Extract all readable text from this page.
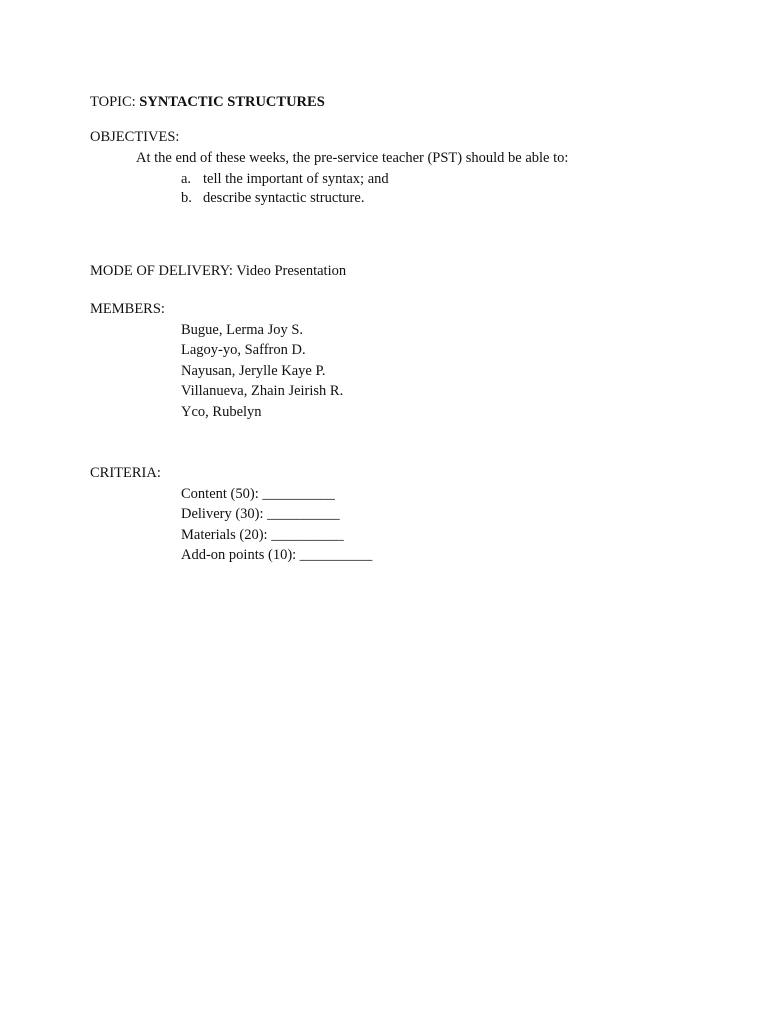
TOPIC: SYNTACTIC STRUCTURES
OBJECTIVES:
At the end of these weeks, the pre-service teacher (PST) should be able to:
a. tell the important of syntax; and
b. describe syntactic structure.
MODE OF DELIVERY: Video Presentation
MEMBERS:
Bugue, Lerma Joy S.
Lagoy-yo, Saffron D.
Nayusan, Jerylle Kaye P.
Villanueva, Zhain Jeirish R.
Yco, Rubelyn
CRITERIA:
Content (50): __________
Delivery (30): __________
Materials (20): __________
Add-on points (10): __________
